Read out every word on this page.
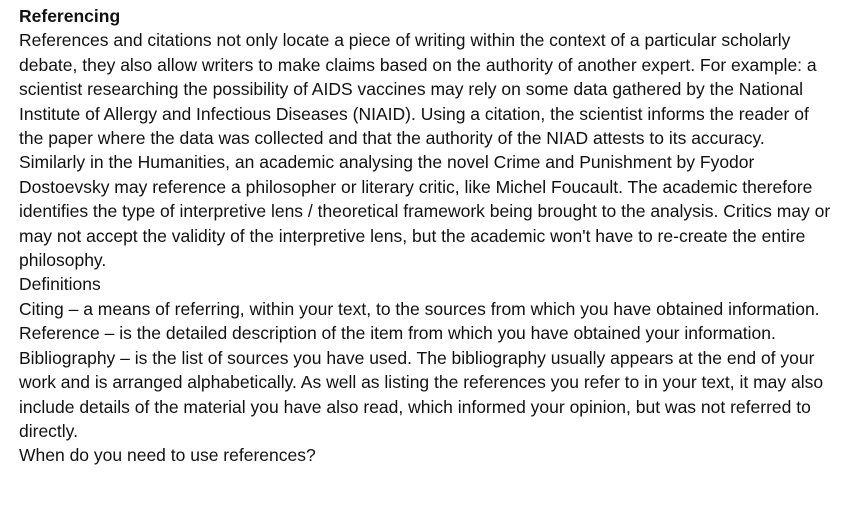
Referencing

References and citations not only locate a piece of writing within the context of a particular scholarly debate, they also allow writers to make claims based on the authority of another expert. For example: a scientist researching the possibility of AIDS vaccines may rely on some data gathered by the National Institute of Allergy and Infectious Diseases (NIAID). Using a citation, the scientist informs the reader of the paper where the data was collected and that the authority of the NIAD attests to its accuracy.

Similarly in the Humanities, an academic analysing the novel Crime and Punishment by Fyodor Dostoevsky may reference a philosopher or literary critic, like Michel Foucault. The academic therefore identifies the type of interpretive lens / theoretical framework being brought to the analysis. Critics may or may not accept the validity of the interpretive lens, but the academic won't have to re-create the entire philosophy.

Definitions

Citing – a means of referring, within your text, to the sources from which you have obtained information.

Reference – is the detailed description of the item from which you have obtained your information. Bibliography – is the list of sources you have used. The bibliography usually appears at the end of your work and is arranged alphabetically. As well as listing the references you refer to in your text, it may also include details of the material you have also read, which informed your opinion, but was not referred to directly.

When do you need to use references?
